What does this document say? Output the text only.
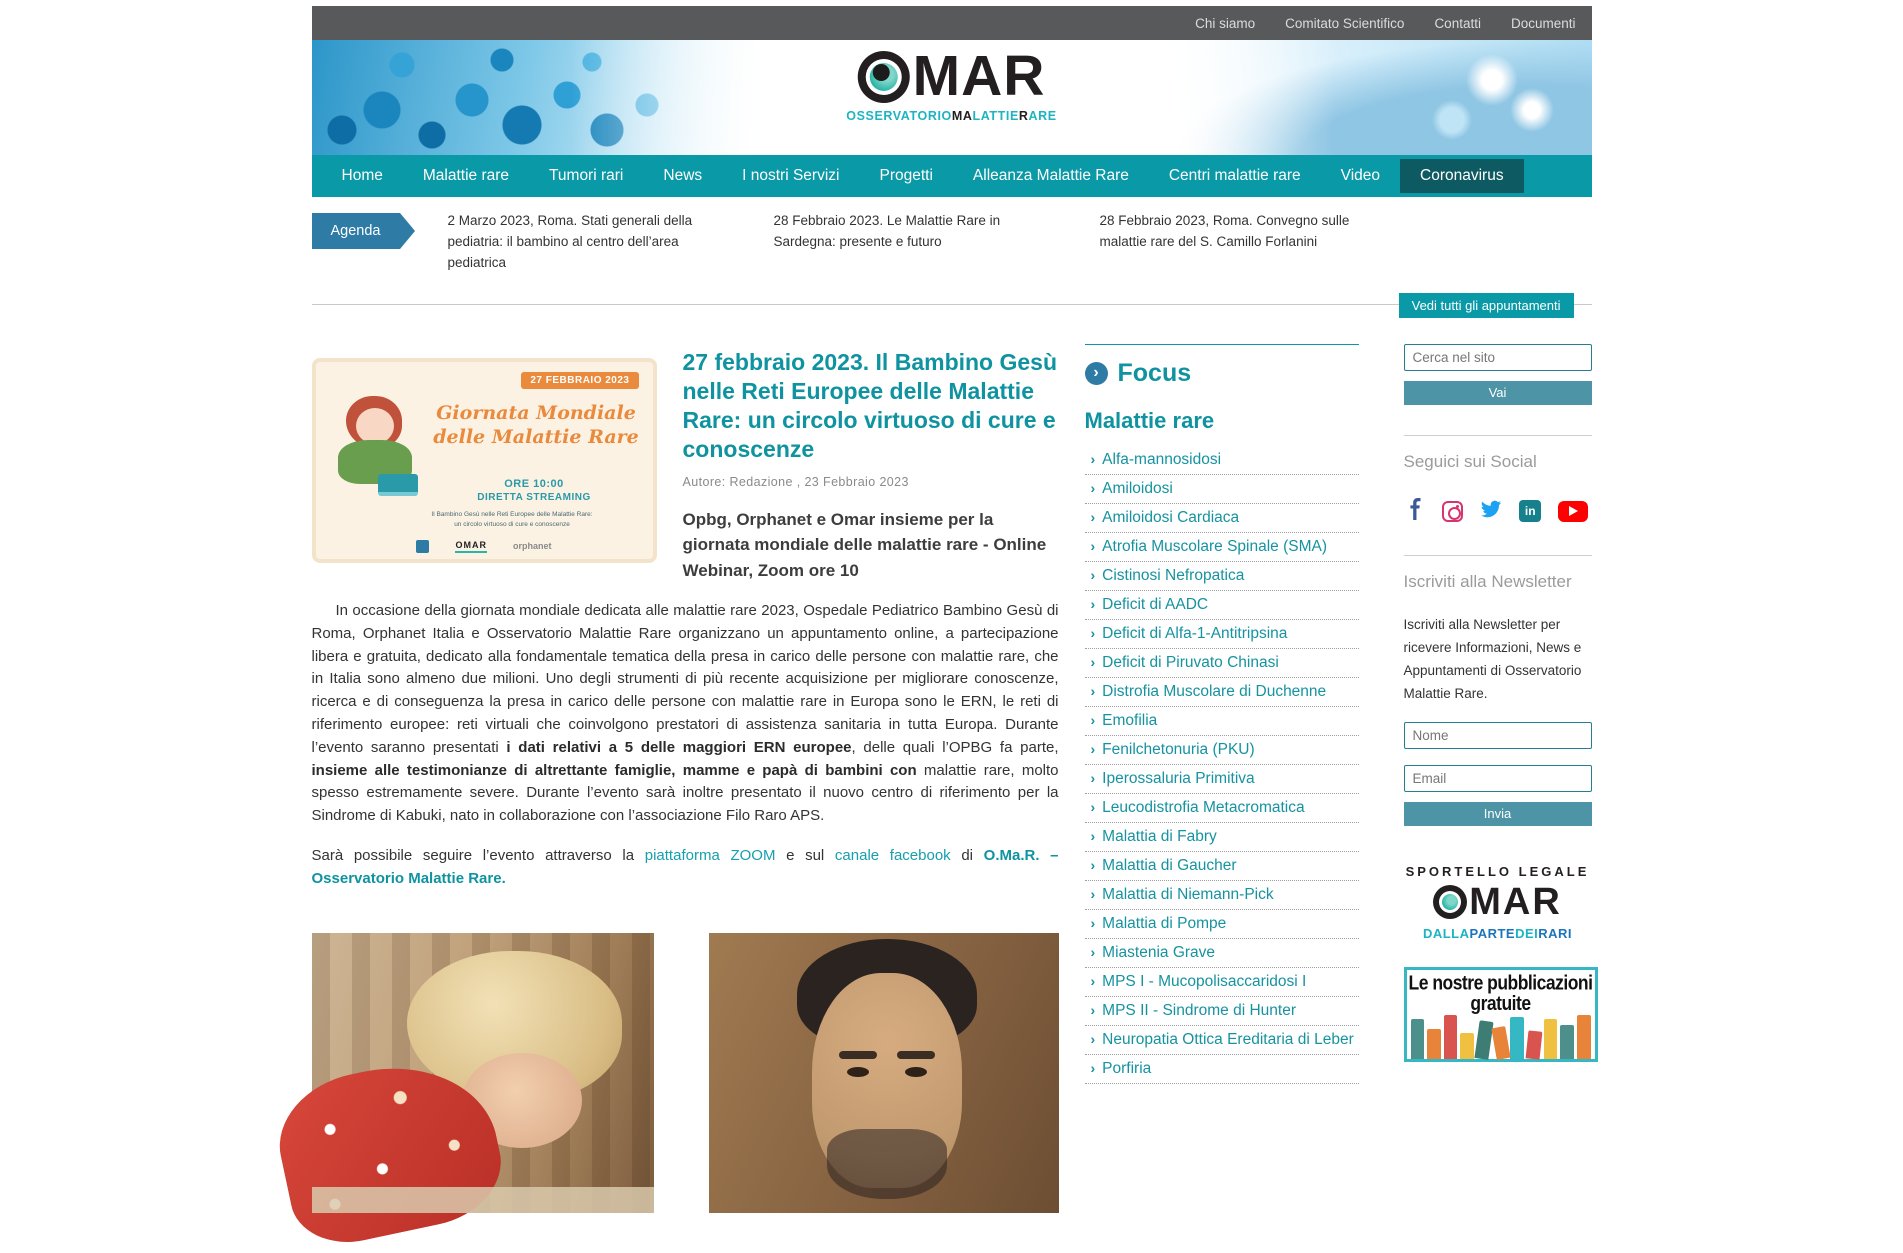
Chi siamo Comitato Scientifico Contatti Documenti
MAR
OSSERVATORIOMALATTIERARE
Home	Malattie rare	Tumori rari	News	I nostri Servizi	Progetti	Alleanza Malattie Rare	Centri malattie rare	Video	Coronavirus
Agenda
2 Marzo 2023, Roma. Stati generali della pediatria: il bambino al centro dell’area pediatrica
28 Febbraio 2023. Le Malattie Rare in Sardegna: presente e futuro
28 Febbraio 2023, Roma. Convegno sulle malattie rare del S. Camillo Forlanini
Vedi tutti gli appuntamenti
27 FEBBRAIO 2023
Giornata Mondiale
delle Malattie Rare
ORE 10:00
DIRETTA STREAMING
Il Bambino Gesù nelle Reti Europee delle Malattie Rare:
un circolo virtuoso di cure e conoscenze
OMAR	orphanet
27 febbraio 2023. Il Bambino Gesù nelle Reti Europee delle Malattie Rare: un circolo virtuoso di cure e conoscenze
Autore: Redazione , 23 Febbraio 2023
Opbg, Orphanet e Omar insieme per la giornata mondiale delle malattie rare - Online Webinar, Zoom ore 10

In occasione della giornata mondiale dedicata alle malattie rare 2023, Ospedale Pediatrico Bambino Gesù di Roma, Orphanet Italia e Osservatorio Malattie Rare organizzano un appuntamento online, a partecipazione libera e gratuita, dedicato alla fondamentale tematica della presa in carico delle persone con malattie rare, che in Italia sono almeno due milioni. Uno degli strumenti di più recente acquisizione per migliorare conoscenze, ricerca e di conseguenza la presa in carico delle persone con malattie rare in Europa sono le ERN, le reti di riferimento europee: reti virtuali che coinvolgono prestatori di assistenza sanitaria in tutta Europa. Durante l’evento saranno presentati i dati relativi a 5 delle maggiori ERN europee, delle quali l’OPBG fa parte, insieme alle testimonianze di altrettante famiglie, mamme e papà di bambini con malattie rare, molto spesso estremamente severe. Durante l’evento sarà inoltre presentato il nuovo centro di riferimento per la Sindrome di Kabuki, nato in collaborazione con l’associazione Filo Raro APS.

Sarà possibile seguire l’evento attraverso la piattaforma ZOOM e sul canale facebook di O.Ma.R. – Osservatorio Malattie Rare.

› Focus
Malattie rare
› Alfa-mannosidosi
› Amiloidosi
› Amiloidosi Cardiaca
› Atrofia Muscolare Spinale (SMA)
› Cistinosi Nefropatica
› Deficit di AADC
› Deficit di Alfa-1-Antitripsina
› Deficit di Piruvato Chinasi
› Distrofia Muscolare di Duchenne
› Emofilia
› Fenilchetonuria (PKU)
› Iperossaluria Primitiva
› Leucodistrofia Metacromatica
› Malattia di Fabry
› Malattia di Gaucher
› Malattia di Niemann-Pick
› Malattia di Pompe
› Miastenia Grave
› MPS I - Mucopolisaccaridosi I
› MPS II - Sindrome di Hunter
› Neuropatia Ottica Ereditaria di Leber
› Porfiria
Cerca nel sito Vai
Seguici sui Social
in
Iscriviti alla Newsletter
Iscriviti alla Newsletter per ricevere Informazioni, News e Appuntamenti di Osservatorio Malattie Rare.
Nome Email Invia
SPORTELLO LEGALE
MAR
DALLAPARTEDEIRARI
Le nostre pubblicazioni
gratuite
